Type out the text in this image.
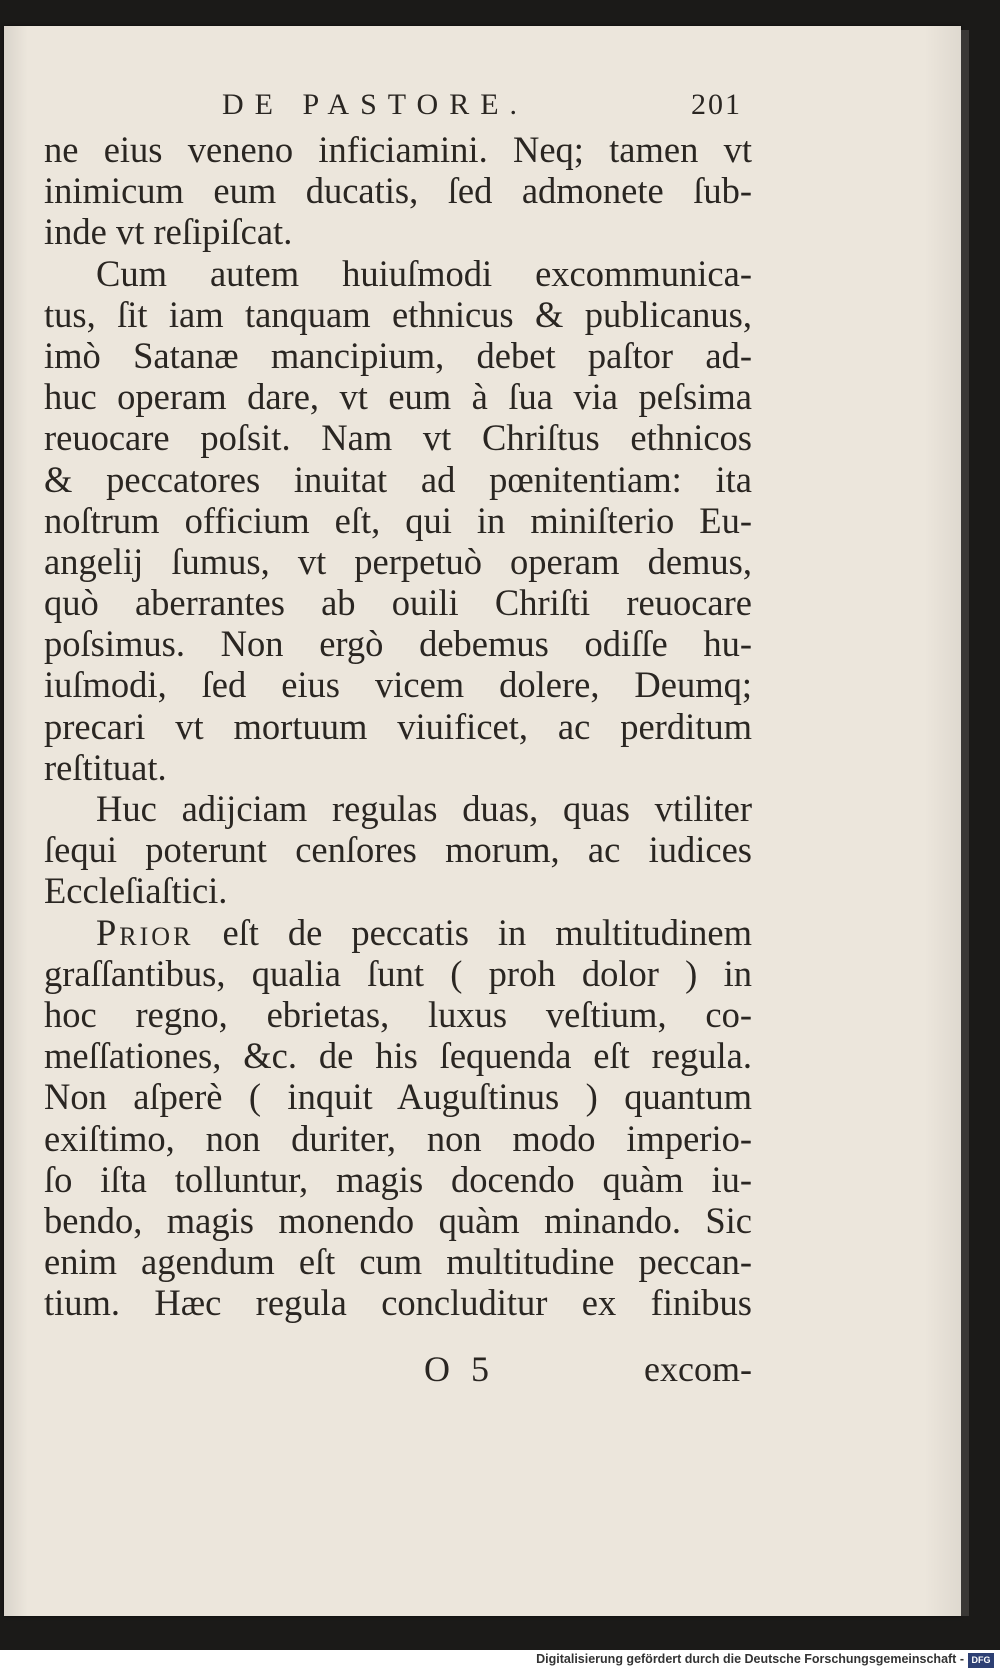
DE PASTORE.	201
ne eius veneno inficiamini. Neq; tamen vt
inimicum eum ducatis, ſed admonete ſub-
inde vt reſipiſcat.
Cum autem huiuſmodi excommunica-
tus, ſit iam tanquam ethnicus & publicanus,
imò Satanæ mancipium, debet paſtor ad-
huc operam dare, vt eum à ſua via peſsima
reuocare poſsit. Nam vt Chriſtus ethnicos
& peccatores inuitat ad pœnitentiam: ita
noſtrum officium eſt, qui in miniſterio Eu-
angelij ſumus, vt perpetuò operam demus,
quò aberrantes ab ouili Chriſti reuocare
poſsimus. Non ergò debemus odiſſe hu-
iuſmodi, ſed eius vicem dolere, Deumq;
precari vt mortuum viuificet, ac perditum
reſtituat.
Huc adijciam regulas duas, quas vtiliter
ſequi poterunt cenſores morum, ac iudices
Eccleſiaſtici.
Prior eſt de peccatis in multitudinem
graſſantibus, qualia ſunt ( proh dolor ) in
hoc regno, ebrietas, luxus veſtium, co-
meſſationes, &c. de his ſequenda eſt regula.
Non aſperè ( inquit Auguſtinus ) quantum
exiſtimo, non duriter, non modo imperio-
ſo iſta tolluntur, magis docendo quàm iu-
bendo, magis monendo quàm minando. Sic
enim agendum eſt cum multitudine peccan-
tium. Hæc regula concluditur ex finibus
O 5	excom-
Digitalisierung gefördert durch die Deutsche Forschungsgemeinschaft - DFG
